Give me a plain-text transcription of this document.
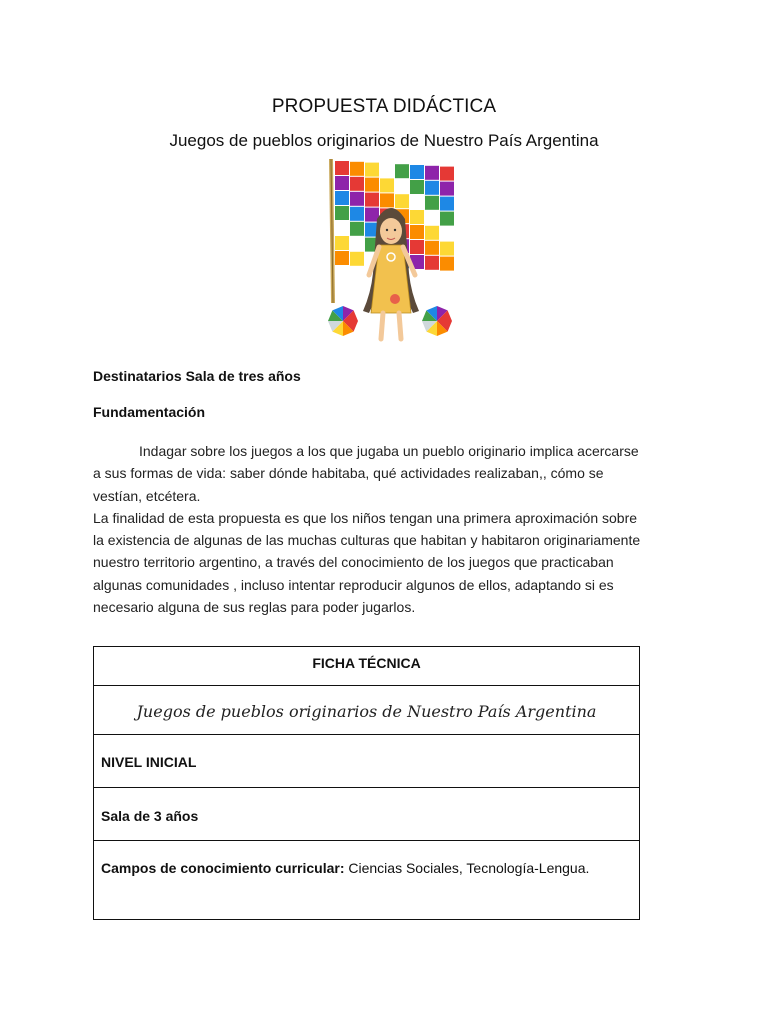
PROPUESTA DIDÁCTICA
Juegos de pueblos originarios de Nuestro País Argentina
Destinatarios Sala de tres años
Fundamentación
Indagar sobre los juegos a los que jugaba un pueblo originario implica acercarse
a sus formas de vida: saber dónde habitaba, qué actividades realizaban,, cómo se
vestían, etcétera.
La finalidad de esta propuesta es que los niños tengan una primera aproximación sobre
la existencia de algunas de las muchas culturas que habitan y habitaron originariamente
nuestro territorio argentino, a través del conocimiento de los juegos que practicaban
algunas comunidades , incluso intentar reproducir algunos de ellos, adaptando si es
necesario alguna de sus reglas para poder jugarlos.
FICHA TÉCNICA
Juegos de pueblos originarios de Nuestro País Argentina
NIVEL INICIAL
Sala de 3 años
Campos de conocimiento curricular: Ciencias Sociales, Tecnología-Lengua.
